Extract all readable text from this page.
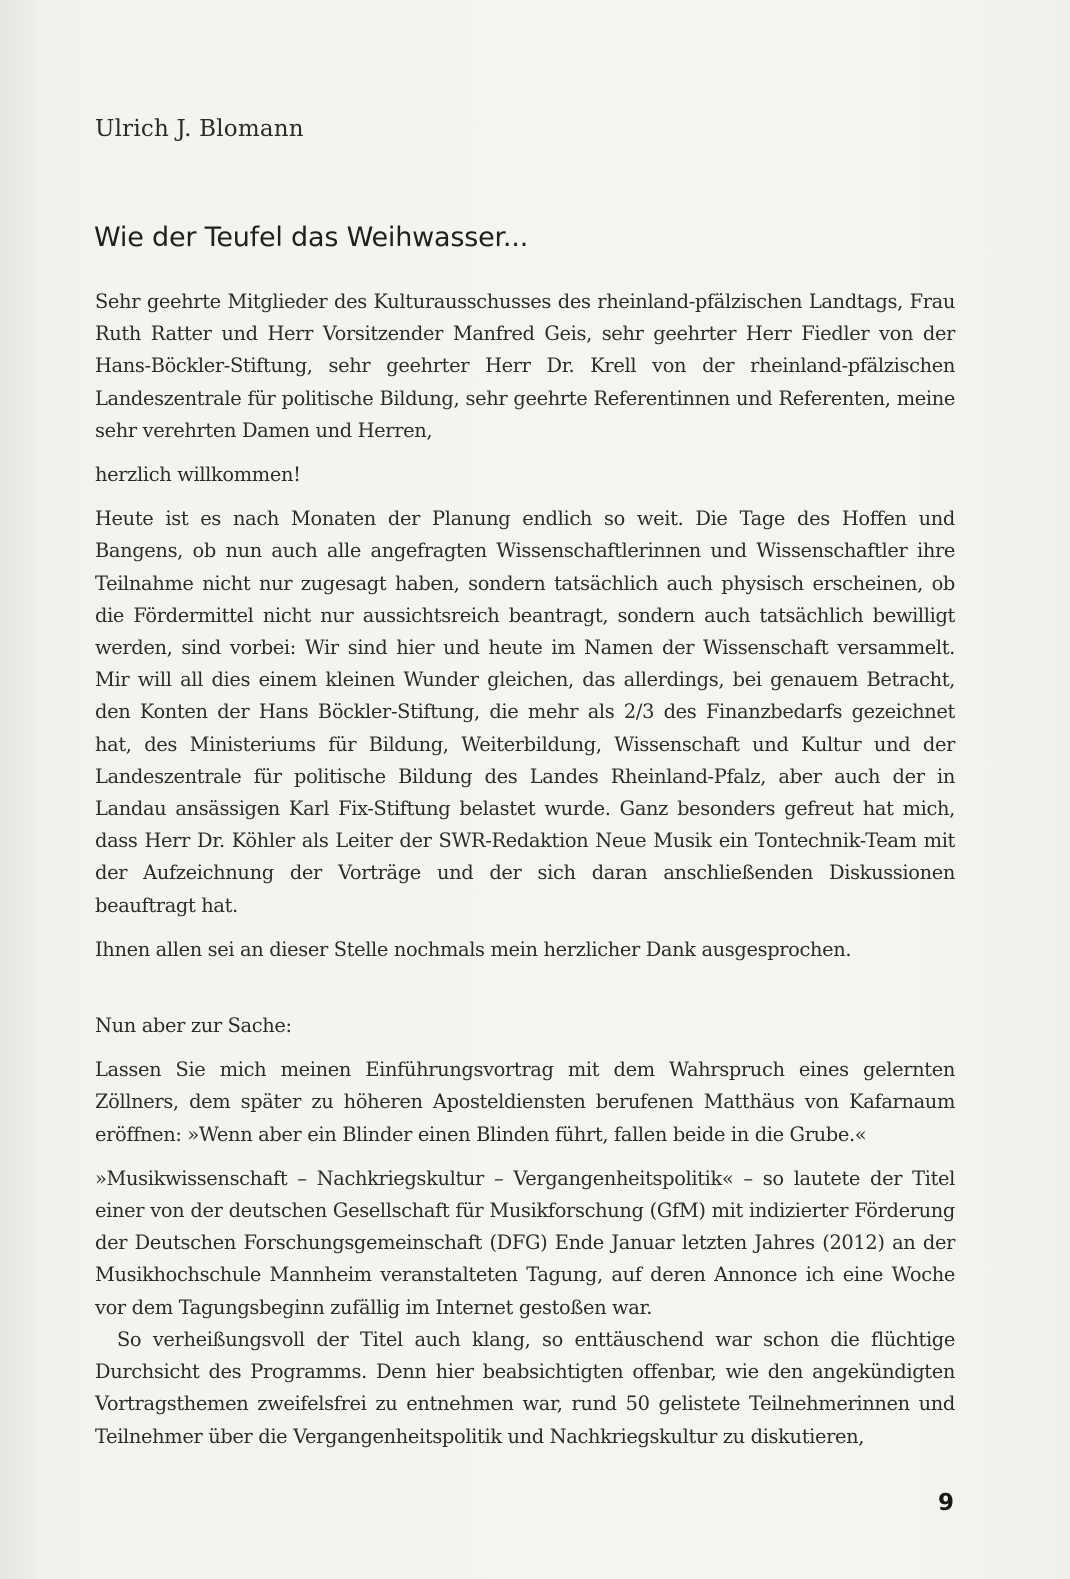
Ulrich J. Blomann

Wie der Teufel das Weihwasser...

Sehr geehrte Mitglieder des Kulturausschusses des rheinland-pfälzischen Landtags, Frau Ruth Ratter und Herr Vorsitzender Manfred Geis, sehr geehrter Herr Fiedler von der Hans-Böckler-Stiftung, sehr geehrter Herr Dr. Krell von der rheinland-pfälzischen Landeszentrale für politische Bildung, sehr geehrte Referentinnen und Referenten, meine sehr verehrten Damen und Herren,

herzlich willkommen!

Heute ist es nach Monaten der Planung endlich so weit. Die Tage des Hoffen und Bangens, ob nun auch alle angefragten Wissenschaftlerinnen und Wissenschaftler ihre Teilnahme nicht nur zugesagt haben, sondern tatsächlich auch physisch erscheinen, ob die Fördermittel nicht nur aussichtsreich beantragt, sondern auch tatsächlich bewilligt werden, sind vorbei: Wir sind hier und heute im Namen der Wissenschaft versammelt. Mir will all dies einem kleinen Wunder gleichen, das allerdings, bei genauem Betracht, den Konten der Hans Böckler-Stiftung, die mehr als 2/3 des Finanzbedarfs gezeichnet hat, des Ministeriums für Bildung, Weiterbildung, Wissenschaft und Kultur und der Landeszentrale für politische Bildung des Landes Rheinland-Pfalz, aber auch der in Landau ansässigen Karl Fix-Stiftung belastet wurde. Ganz besonders gefreut hat mich, dass Herr Dr. Köhler als Leiter der SWR-Redaktion Neue Musik ein Tontechnik-Team mit der Aufzeichnung der Vorträge und der sich daran anschließenden Diskussionen beauftragt hat.

Ihnen allen sei an dieser Stelle nochmals mein herzlicher Dank ausgesprochen.

Nun aber zur Sache:

Lassen Sie mich meinen Einführungsvortrag mit dem Wahrspruch eines gelernten Zöllners, dem später zu höheren Aposteldiensten berufenen Matthäus von Kafarnaum eröffnen: »Wenn aber ein Blinder einen Blinden führt, fallen beide in die Grube.«

»Musikwissenschaft – Nachkriegskultur – Vergangenheitspolitik« – so lautete der Titel einer von der deutschen Gesellschaft für Musikforschung (GfM) mit indizierter Förderung der Deutschen Forschungsgemeinschaft (DFG) Ende Januar letzten Jahres (2012) an der Musikhochschule Mannheim veranstalteten Tagung, auf deren Annonce ich eine Woche vor dem Tagungsbeginn zufällig im Internet gestoßen war.

So verheißungsvoll der Titel auch klang, so enttäuschend war schon die flüchtige Durchsicht des Programms. Denn hier beabsichtigten offenbar, wie den angekündigten Vortragsthemen zweifelsfrei zu entnehmen war, rund 50 gelistete Teilnehmerinnen und Teilnehmer über die Vergangenheitspolitik und Nachkriegskultur zu diskutieren,

9
